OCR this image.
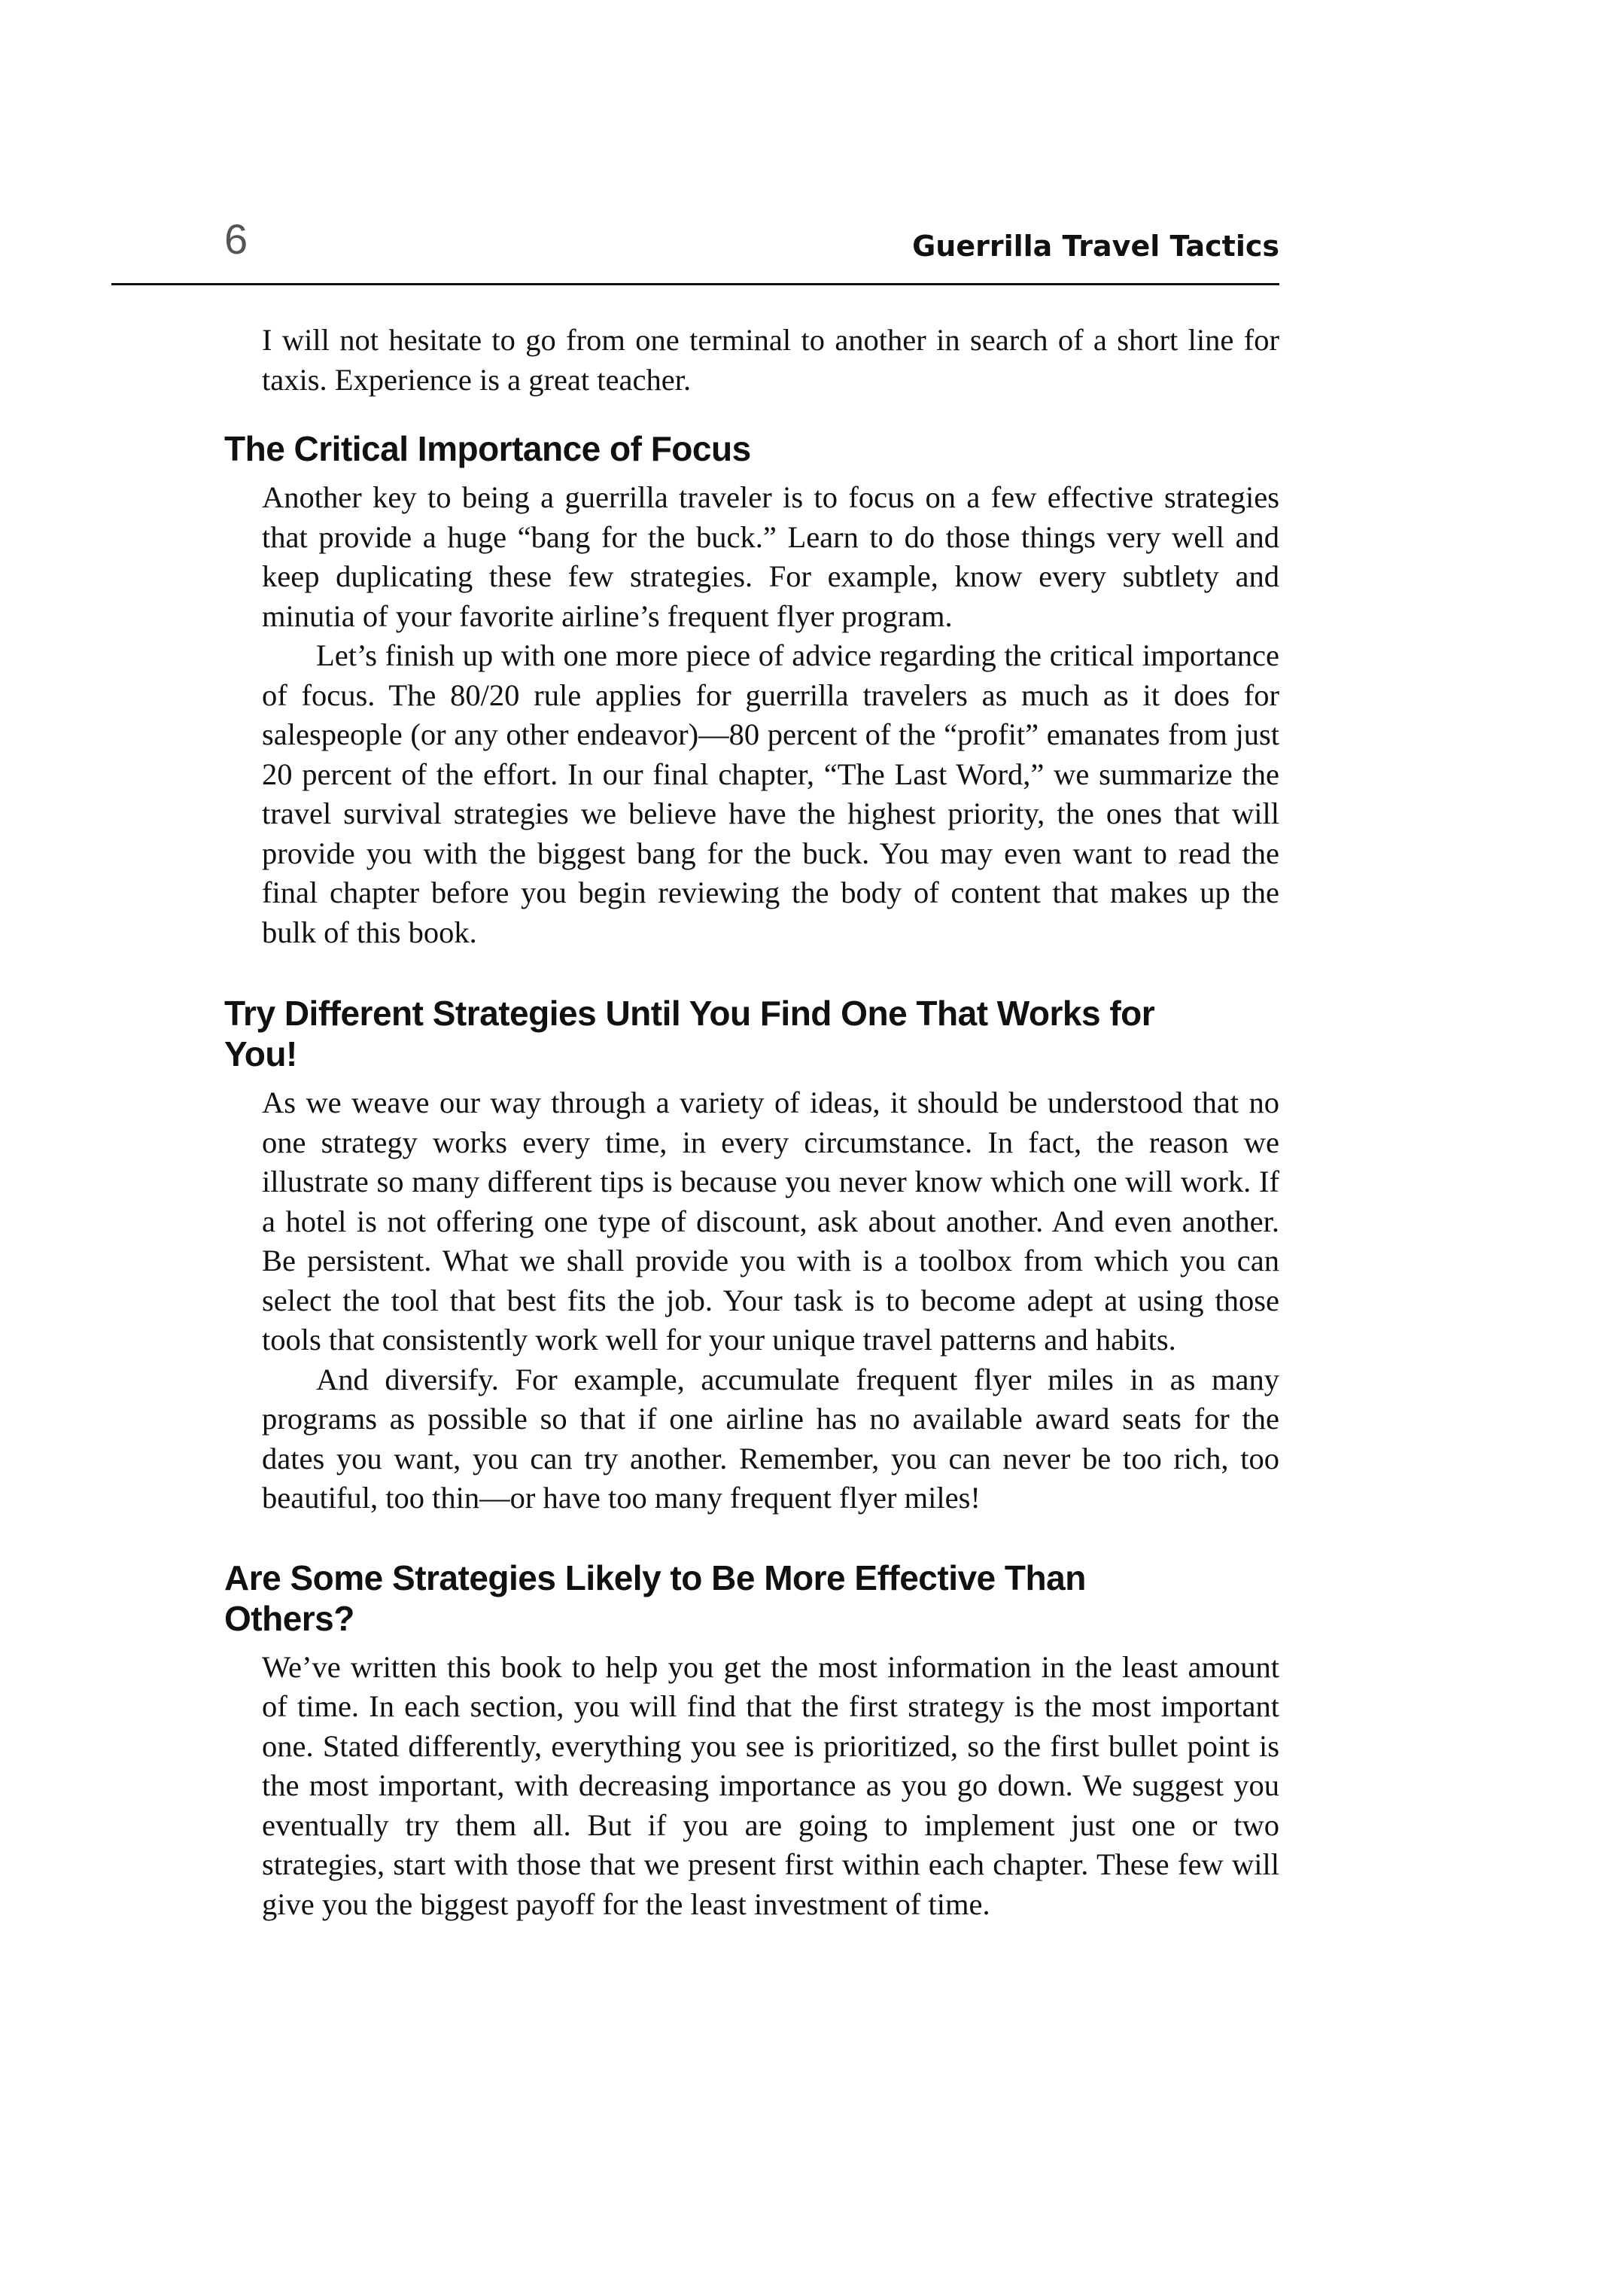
6	Guerrilla Travel Tactics

I will not hesitate to go from one terminal to another in search of a short line for taxis. Experience is a great teacher.

The Critical Importance of Focus

Another key to being a guerrilla traveler is to focus on a few effective strategies that provide a huge “bang for the buck.” Learn to do those things very well and keep duplicating these few strategies. For example, know every subtlety and minutia of your favorite airline’s frequent flyer program.

Let’s finish up with one more piece of advice regarding the critical importance of focus. The 80/20 rule applies for guerrilla travelers as much as it does for salespeople (or any other endeavor)—80 percent of the “profit” emanates from just 20 percent of the effort. In our final chapter, “The Last Word,” we summarize the travel survival strategies we believe have the highest priority, the ones that will provide you with the biggest bang for the buck. You may even want to read the final chapter before you begin reviewing the body of content that makes up the bulk of this book.

Try Different Strategies Until You Find One That Works for You!

As we weave our way through a variety of ideas, it should be understood that no one strategy works every time, in every circumstance. In fact, the reason we illustrate so many different tips is because you never know which one will work. If a hotel is not offering one type of discount, ask about another. And even another. Be persistent. What we shall provide you with is a toolbox from which you can select the tool that best fits the job. Your task is to become adept at using those tools that consistently work well for your unique travel patterns and habits.

And diversify. For example, accumulate frequent flyer miles in as many programs as possible so that if one airline has no available award seats for the dates you want, you can try another. Remember, you can never be too rich, too beautiful, too thin—or have too many frequent flyer miles!

Are Some Strategies Likely to Be More Effective Than Others?

We’ve written this book to help you get the most information in the least amount of time. In each section, you will find that the first strategy is the most important one. Stated differently, everything you see is prioritized, so the first bullet point is the most important, with decreasing importance as you go down. We suggest you eventually try them all. But if you are going to implement just one or two strategies, start with those that we present first within each chapter. These few will give you the biggest payoff for the least investment of time.
